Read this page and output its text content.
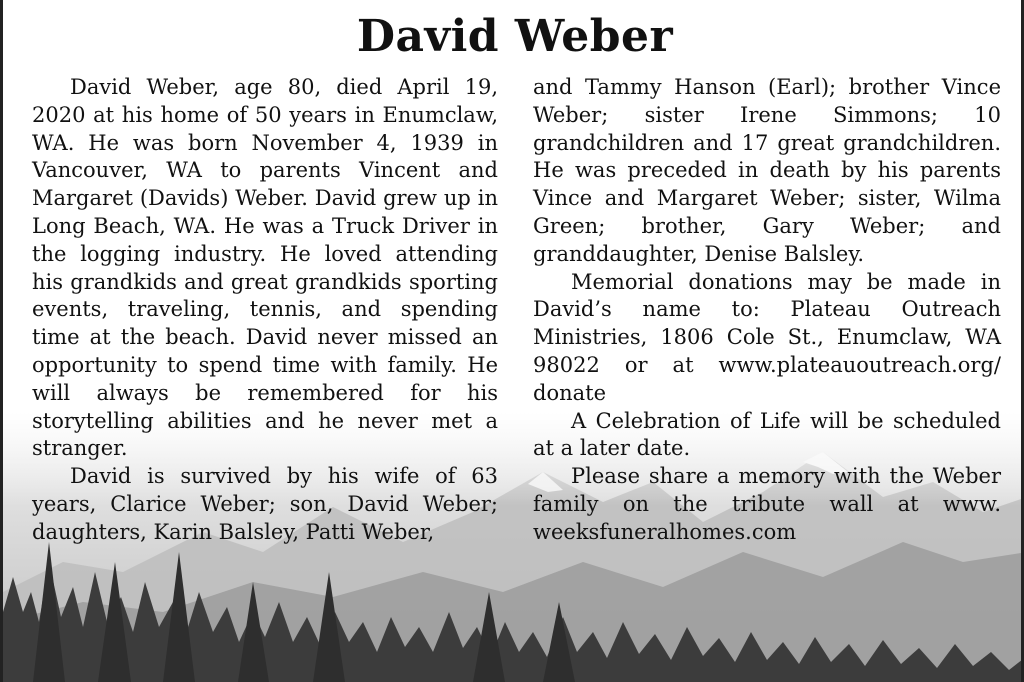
David Weber

David Weber, age 80, died April 19, 2020 at his home of 50 years in Enumclaw, WA. He was born November 4, 1939 in Vancouver, WA to parents Vincent and Margaret (Davids) Weber. David grew up in Long Beach, WA. He was a Truck Driver in the logging industry. He loved attending his grandkids and great grandkids sporting events, traveling, tennis, and spending time at the beach. David never missed an opportunity to spend time with family. He will always be remembered for his storytelling abilities and he never met a stranger.

David is survived by his wife of 63 years, Clarice Weber; son, David Weber; daughters, Karin Balsley, Patti Weber,

and Tammy Hanson (Earl); brother Vince Weber; sister Irene Simmons; 10 grandchildren and 17 great grandchildren. He was preceded in death by his parents Vince and Margaret Weber; sister, Wilma Green; brother, Gary Weber; and granddaughter, Denise Balsley.

Memorial donations may be made in David’s name to: Plateau Outreach Ministries, 1806 Cole St., Enumclaw, WA 98022 or at www.plateauoutreach.org/ donate

A Celebration of Life will be scheduled at a later date.

Please share a memory with the Weber family on the tribute wall at www. weeksfuneralhomes.com
